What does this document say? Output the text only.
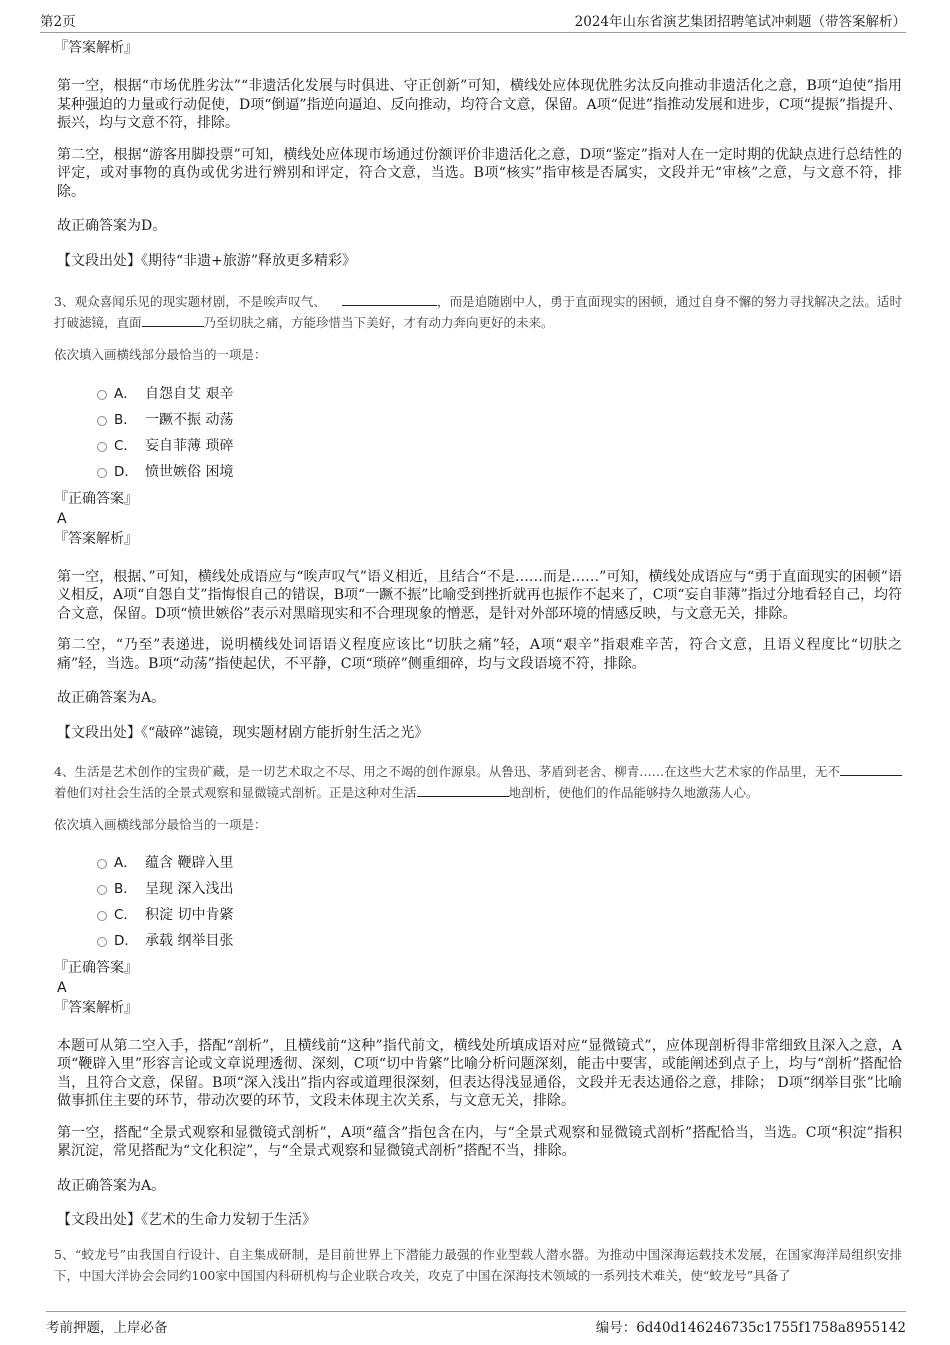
第2页	2024年山东省演艺集团招聘笔试冲刺题（带答案解析）
『答案解析』
第一空，根据“市场优胜劣汰”“非遗活化发展与时俱进、守正创新”可知，横线处应体现优胜劣汰反向推动非遗活化之意，B项“迫使”指用某种强迫的力量或行动促使，D项“倒逼”指逆向逼迫、反向推动，均符合文意，保留。A项“促进”指推动发展和进步，C项“提振”指提升、振兴，均与文意不符，排除。
第二空，根据“游客用脚投票”可知，横线处应体现市场通过份额评价非遗活化之意，D项“鉴定”指对人在一定时期的优缺点进行总结性的评定，或对事物的真伪或优劣进行辨别和评定，符合文意，当选。B项“核实”指审核是否属实，文段并无“审核”之意，与文意不符，排除。
故正确答案为D。
【文段出处】《期待“非遗+旅游”释放更多精彩》
3、观众喜闻乐见的现实题材剧，不是唉声叹气、	，而是追随剧中人，勇于直面现实的困顿，通过自身不懈的努力寻找解决之法。适时打破滤镜，直面	乃至切肤之痛，方能珍惜当下美好，才有动力奔向更好的未来。
依次填入画横线部分最恰当的一项是：
A． 自怨自艾 艰辛
B． 一蹶不振 动荡
C． 妄自菲薄 琐碎
D． 愤世嫉俗 困境
『正确答案』
A
『答案解析』
第一空，根据、”可知，横线处成语应与“唉声叹气”语义相近，且结合“不是……而是……”可知，横线处成语应与“勇于直面现实的困顿”语义相反，A项“自怨自艾”指悔恨自己的错误，B项“一蹶不振”比喻受到挫折就再也振作不起来了，C项“妄自菲薄”指过分地看轻自己，均符合文意，保留。D项“愤世嫉俗”表示对黑暗现实和不合理现象的憎恶，是针对外部环境的情感反映，与文意无关，排除。
第二空，“乃至”表递进，说明横线处词语语义程度应该比“切肤之痛”轻，A项“艰辛”指艰难辛苦，符合文意，且语义程度比“切肤之痛”轻，当选。B项“动荡”指使起伏，不平静，C项“琐碎”侧重细碎，均与文段语境不符，排除。
故正确答案为A。
【文段出处】《“敲碎”滤镜，现实题材剧方能折射生活之光》
4、生活是艺术创作的宝贵矿藏，是一切艺术取之不尽、用之不竭的创作源泉。从鲁迅、茅盾到老舍、柳青……在这些大艺术家的作品里，无不着他们对社会生活的全景式观察和显微镜式剖析。正是这种对生活	地剖析，使他们的作品能够持久地激荡人心。
依次填入画横线部分最恰当的一项是：
A． 蕴含 鞭辟入里
B． 呈现 深入浅出
C． 积淀 切中肯綮
D． 承载 纲举目张
『正确答案』
A
『答案解析』
本题可从第二空入手，搭配“剖析”，且横线前“这种”指代前文，横线处所填成语对应“显微镜式”，应体现剖析得非常细致且深入之意，A项“鞭辟入里”形容言论或文章说理透彻、深刻，C项“切中肯綮”比喻分析问题深刻，能击中要害，或能阐述到点子上，均与“剖析”搭配恰当，且符合文意，保留。B项“深入浅出”指内容或道理很深刻，但表达得浅显通俗，文段并无表达通俗之意，排除； D项“纲举目张”比喻做事抓住主要的环节，带动次要的环节，文段未体现主次关系，与文意无关，排除。
第一空，搭配“全景式观察和显微镜式剖析”，A项“蕴含”指包含在内，与“全景式观察和显微镜式剖析”搭配恰当，当选。C项“积淀”指积累沉淀，常见搭配为“文化积淀”，与“全景式观察和显微镜式剖析”搭配不当，排除。
故正确答案为A。
【文段出处】《艺术的生命力发轫于生活》
5、“蛟龙号”由我国自行设计、自主集成研制，是目前世界上下潜能力最强的作业型载人潜水器。为推动中国深海运载技术发展，在国家海洋局组织安排下，中国大洋协会会同约100家中国国内科研机构与企业联合攻关，攻克了中国在深海技术领域的一系列技术难关，使“蛟龙号”具备了
考前押题，上岸必备	编号：6d40d146246735c1755f1758a8955142
